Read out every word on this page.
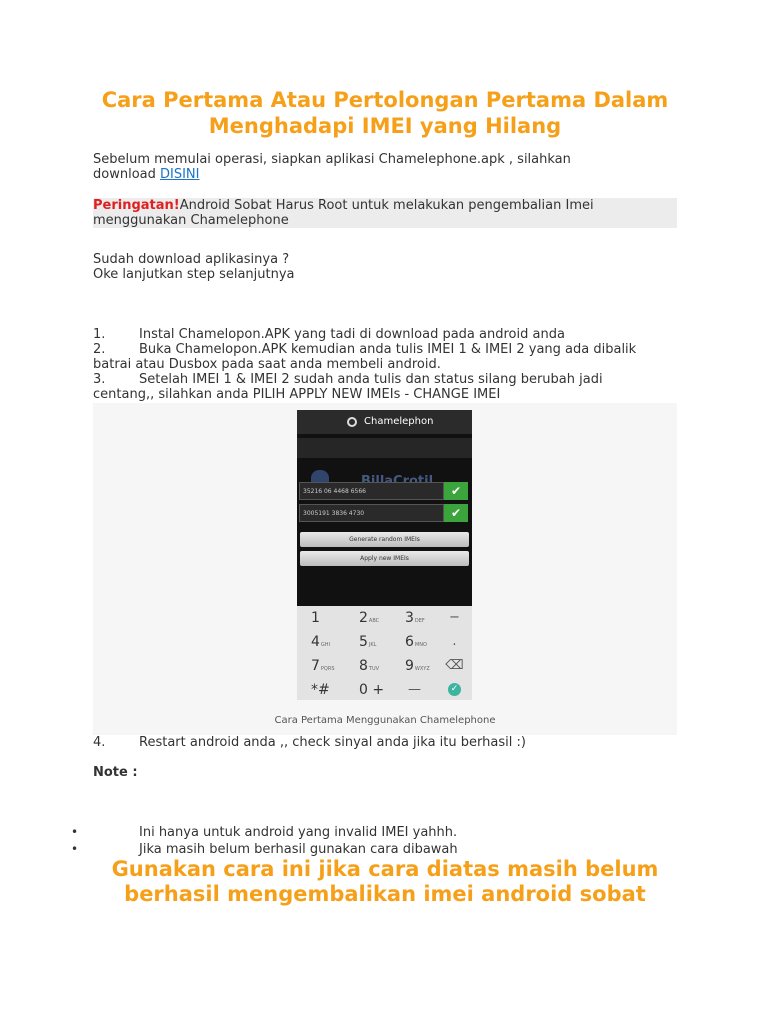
Cara Pertama Atau Pertolongan Pertama Dalam Menghadapi IMEI yang Hilang
Sebelum memulai operasi, siapkan aplikasi Chamelephone.apk , silahkan
download DISINI
Peringatan!Android Sobat Harus Root untuk melakukan pengembalian Imei
menggunakan Chamelephone
Sudah download aplikasinya ?
Oke lanjutkan step selanjutnya
1.	Instal Chamelopon.APK yang tadi di download pada android anda
2.	Buka Chamelopon.APK kemudian anda tulis IMEI 1 & IMEI 2 yang ada dibalik
batrai atau Dusbox pada saat anda membeli android.
3.	Setelah IMEI 1 & IMEI 2 sudah anda tulis dan status silang berubah jadi
centang,, silahkan anda PILIH APPLY NEW IMEIs - CHANGE IMEI
Chamelephon
35216 06 4468 6566	✔
3005191 3836 4730	✔
Generate random IMEIs
Apply new IMEIs
1	2ABC	3DEF	−
4GHI	5JKL	6MNO	.
7PQRS	8TUV	9WXYZ	⌫
*#	0 +	—	✓
Cara Pertama Menggunakan Chamelephone
4.	Restart android anda ,, check sinyal anda jika itu berhasil :)
Note :
•	Ini hanya untuk android yang invalid IMEI yahhh.
•	Jika masih belum berhasil gunakan cara dibawah
Gunakan cara ini jika cara diatas masih belum berhasil mengembalikan imei android sobat
